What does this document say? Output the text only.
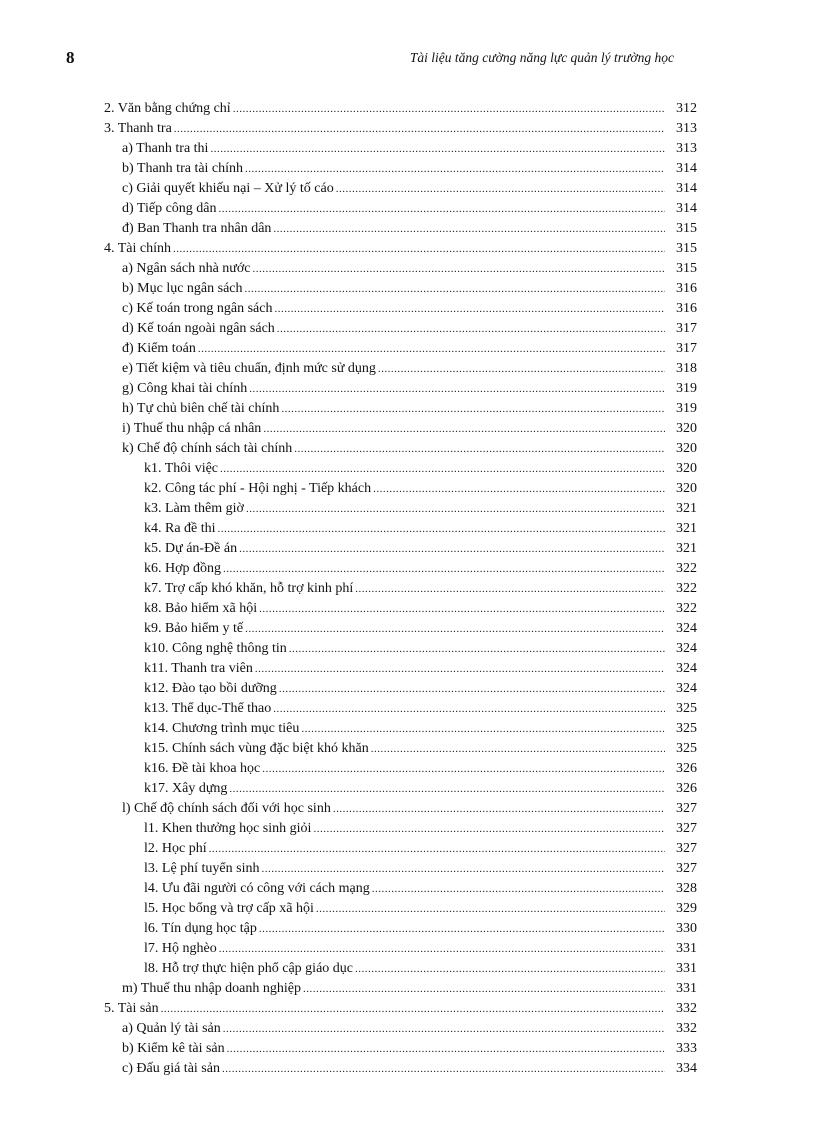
8	Tài liệu tăng cường năng lực quản lý trường học
2. Văn bằng chứng chỉ .....	312
3. Thanh tra .....	313
a) Thanh tra thi .....	313
b) Thanh tra tài chính .....	314
c) Giải quyết khiếu nại – Xử lý tố cáo .....	314
d) Tiếp công dân .....	314
đ) Ban Thanh tra nhân dân .....	315
4. Tài chính .....	315
a) Ngân sách nhà nước .....	315
b) Mục lục ngân sách .....	316
c) Kế toán trong ngân sách .....	316
d) Kế toán ngoài ngân sách .....	317
đ) Kiểm toán .....	317
e) Tiết kiệm và tiêu chuẩn, định mức sử dụng .....	318
g) Công khai tài chính .....	319
h) Tự chủ biên chế tài chính .....	319
i) Thuế thu nhập cá nhân .....	320
k) Chế độ chính sách tài chính .....	320
k1. Thôi việc .....	320
k2. Công tác phí - Hội nghị - Tiếp khách .....	320
k3. Làm thêm giờ .....	321
k4. Ra đề thi .....	321
k5. Dự án-Đề án .....	321
k6. Hợp đồng .....	322
k7. Trợ cấp khó khăn, hỗ trợ kinh phí .....	322
k8. Bảo hiểm xã hội .....	322
k9. Bảo hiểm y tế .....	324
k10. Công nghệ thông tin .....	324
k11. Thanh tra viên .....	324
k12. Đào tạo bồi dưỡng .....	324
k13. Thể dục-Thể thao .....	325
k14. Chương trình mục tiêu .....	325
k15. Chính sách vùng đặc biệt khó khăn .....	325
k16. Đề tài khoa học .....	326
k17. Xây dựng .....	326
l) Chế độ chính sách đối với học sinh .....	327
l1. Khen thưởng học sinh giỏi .....	327
l2. Học phí .....	327
l3. Lệ phí tuyển sinh .....	327
l4. Ưu đãi người có công với cách mạng .....	328
l5. Học bổng và trợ cấp xã hội .....	329
l6. Tín dụng học tập .....	330
l7. Hộ nghèo .....	331
l8. Hỗ trợ thực hiện phổ cập giáo dục .....	331
m) Thuế thu nhập doanh nghiệp .....	331
5. Tài sản .....	332
a) Quản lý tài sản .....	332
b) Kiểm kê tài sản .....	333
c) Đấu giá tài sản .....	334
